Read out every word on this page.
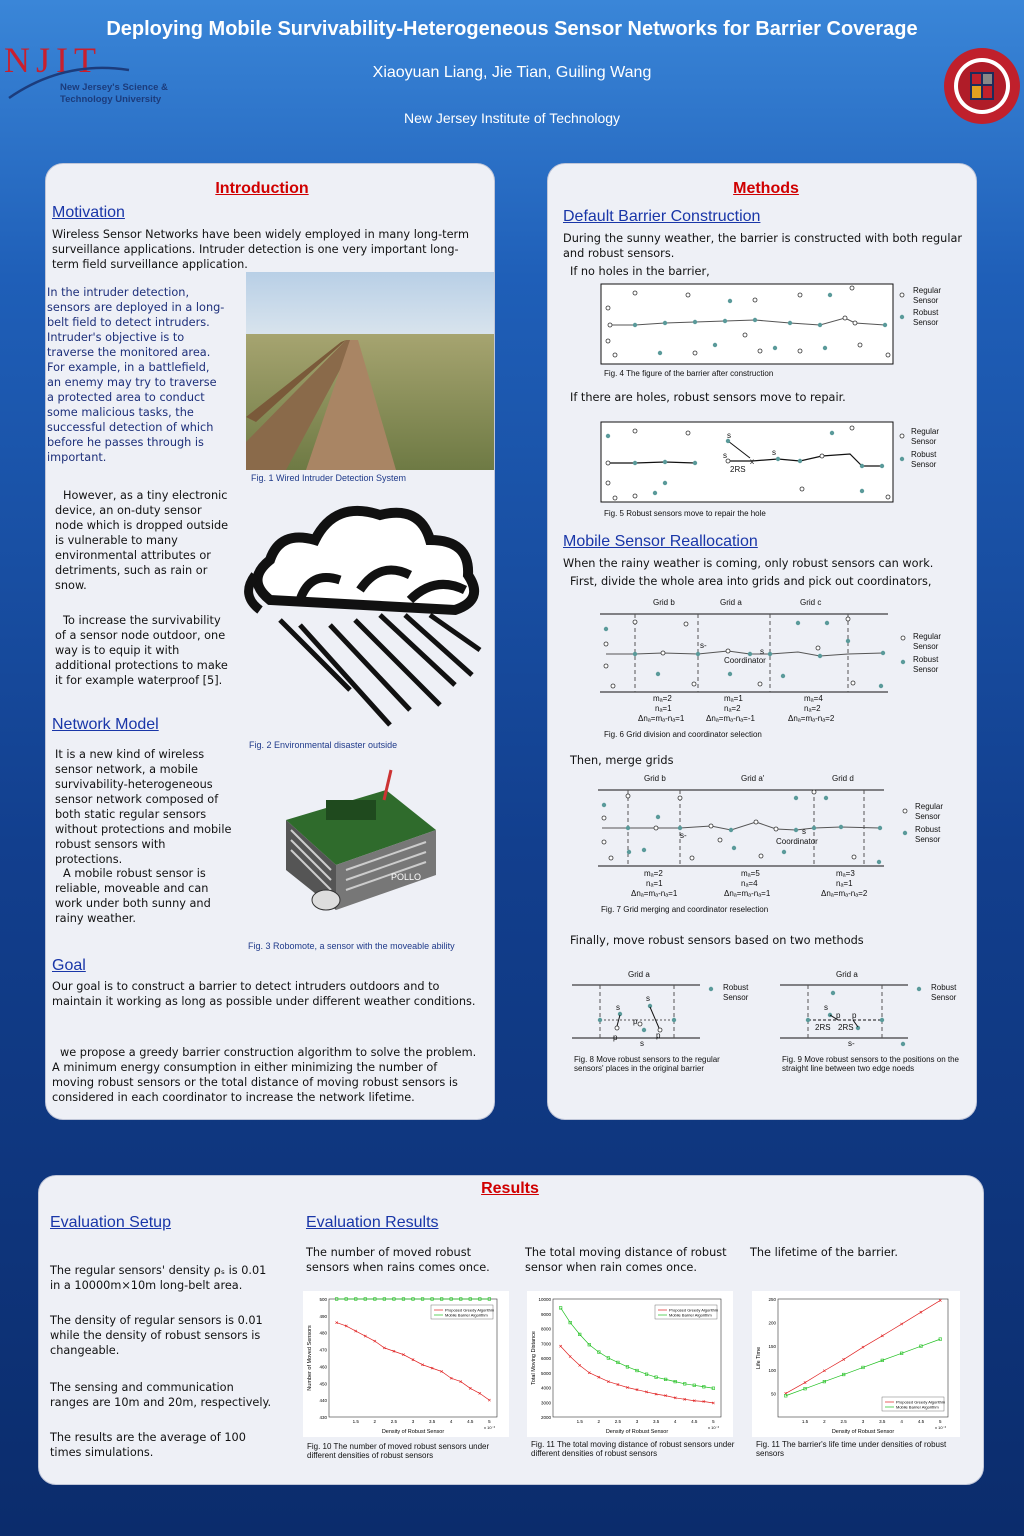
Deploying Mobile Survivability-Heterogeneous Sensor Networks for Barrier Coverage
Xiaoyuan Liang, Jie Tian, Guiling Wang
New Jersey Institute of Technology
NJIT
New Jersey's Science &
Technology University
Introduction
Motivation
Wireless Sensor Networks have been widely employed in many long-term surveillance applications. Intruder detection is one very important long-term field surveillance application.
In the intruder detection, sensors are deployed in a long-belt field to detect intruders. Intruder's objective is to traverse the monitored area. For example, in a battlefield, an enemy may try to traverse a protected area to conduct some malicious tasks, the successful detection of which before he passes through is important.
Fig. 1 Wired Intruder Detection System
However, as a tiny electronic device, an on-duty sensor node which is dropped outside is vulnerable to many environmental attributes or detriments, such as rain or snow.
To increase the survivability of a sensor node outdoor, one way is to equip it with additional protections to make it for example waterproof [5].
Fig. 2 Environmental disaster outside
Network Model
It is a new kind of wireless sensor network, a mobile survivability-heterogeneous sensor network composed of both static regular sensors without protections and mobile robust sensors with protections.
A mobile robust sensor is reliable, moveable and can work under both sunny and rainy weather.
POLLO
Fig. 3 Robomote, a sensor with the moveable ability
Goal
Our goal is to construct a barrier to detect intruders outdoors and to maintain it working as long as possible under different weather conditions.
we propose a greedy barrier construction algorithm to solve the problem. A minimum energy consumption in either minimizing the number of moving robust sensors or the total distance of moving robust sensors is considered in each coordinator to increase the network lifetime.
Methods
Default Barrier Construction
During the sunny weather, the barrier is constructed with both regular and robust sensors.
If no holes in the barrier,
Regular
Sensor
Robust
Sensor
Fig. 4 The figure of the barrier after construction
If there are holes, robust sensors move to repair.
s
s	s
x
2RS
Regular
Sensor
Robust
Sensor
Fig. 5 Robust sensors move to repair the hole
Mobile Sensor Reallocation
When the rainy weather is coming, only robust sensors can work.
First, divide the whole area into grids and pick out coordinators,
Grid b	Grid a	Grid c
s-
s
Coordinator
mₐ=2
nₐ=1
Δnₐ=mₐ-nₐ=1
mₐ=1
nₐ=2
Δnₐ=mₐ-nₐ=-1
mₐ=4
nₐ=2
Δnₐ=mₐ-nₐ=2
Regular
Sensor
Robust
Sensor
Fig. 6 Grid division and coordinator selection
Then, merge grids
Grid b	Grid a'	Grid d
s-	s
Coordinator
mₐ=2
nₐ=1
Δnₐ=mₐ-nₐ=1
mₐ=5
nₐ=4
Δnₐ=mₐ-nₐ=1
mₐ=3
nₐ=1
Δnₐ=mₐ-nₐ=2
Regular
Sensor
Robust
Sensor
Fig. 7 Grid merging and coordinator reselection
Finally, move robust sensors based on two methods
Grid a
s
s
p
p	p
s
Robust
Sensor
Fig. 8 Move robust sensors to the regular sensors' places in the original barrier
Grid a
s
p p
2RS 2RS
s-
Robust
Sensor
Fig. 9 Move robust sensors to the positions on the straight line between two edge noeds
Results
Evaluation Setup	Evaluation Results
The regular sensors' density ρₛ is 0.01 in a 10000m×10m long-belt area.
The density of regular sensors is 0.01 while the density of robust sensors is changeable.
The sensing and communication ranges are 10m and 20m, respectively.
The results are the average of 100 times simulations.
The number of moved robust sensors when rains comes once.
The total moving distance of robust sensor when rain comes once.
The lifetime of the barrier.
500
490
480
470
460
450
440
430
1.5	2	2.5	3	3.5	4	4.5	5
x 10⁻³
Density of Robust Sensor
Number of Moved Sensors
Proposed Greedy Algorithm
Mobile Barrier Algorithm
10000
9000
8000
7000
6000
5000
4000
3000
2000
1.5	2	2.5	3	3.5	4	4.5	5
x 10⁻³
Density of Robust Sensor
Total Moving Distance
Proposed Greedy Algorithm
Mobile Barrier Algorithm
250
200
150
100
50
1.5	2	2.5	3	3.5	4	4.5	5
x 10⁻³
Density of Robust Sensor
Life Time
Proposed Greedy Algorithm
Mobile Barrier Algorithm
Fig. 10 The number of moved robust sensors under different densities of robust sensors
Fig. 11 The total moving distance of robust sensors under different densities of robust sensors
Fig. 11 The barrier's life time under densities of robust sensors
